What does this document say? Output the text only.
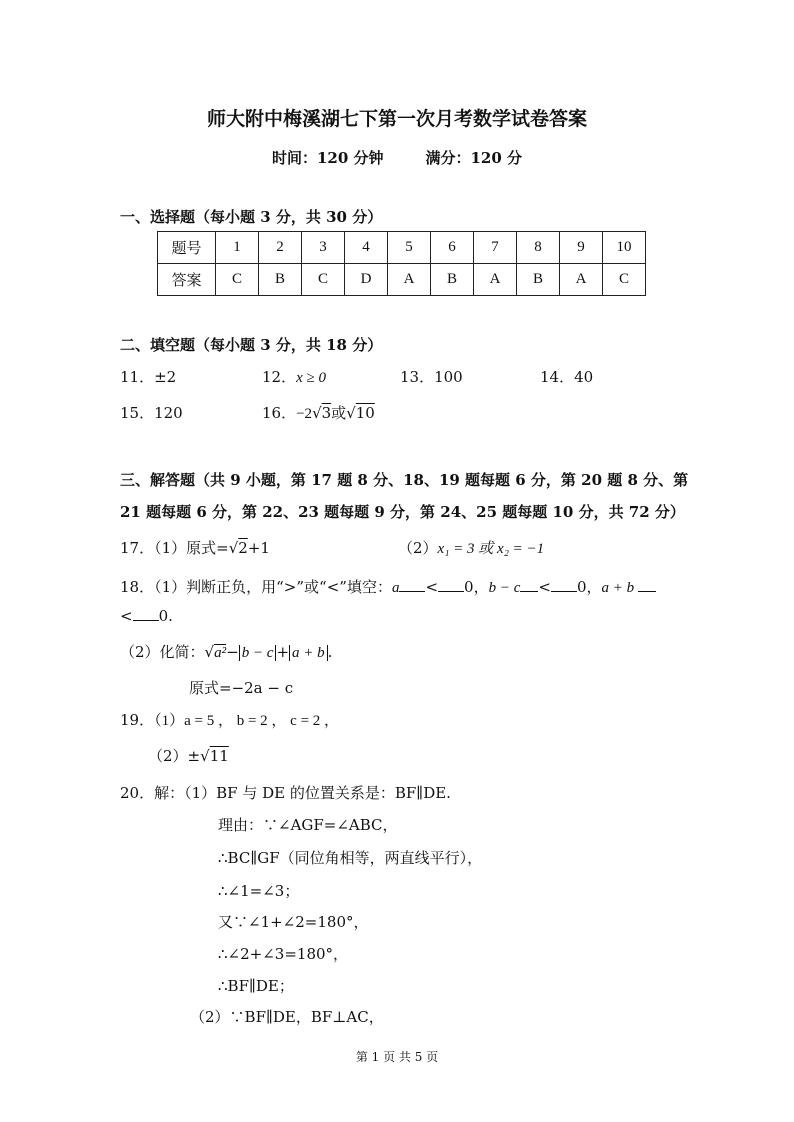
师大附中梅溪湖七下第一次月考数学试卷答案
时间：120 分钟	满分：120 分
一、选择题（每小题 3 分，共 30 分）
题号	1	2	3	4	5	6	7	8	9	10
答案	C	B	C	D	A	B	A	B	A	C
二、填空题（每小题 3 分，共 18 分）
11．±2	12．x ≥ 0	13．100	14．40
15．120	16．−2√3或√10
三、解答题（共 9 小题，第 17 题 8 分、18、19 题每题 6 分，第 20 题 8 分、第
21 题每题 6 分，第 22、23 题每题 9 分，第 24、25 题每题 10 分，共 72 分）
17．（1）原式=√2+1	（2）x₁ = 3 或 x₂ = −1
18．（1）判断正负，用“>”或“<”填空：a < 0，b − c < 0，a + b
< 0.
（2）化简：√a²− b − c + a + b .
原式=−2a − c
19．（1）a = 5 ， b = 2 ， c = 2 ，
（2）±√11
20．解：（1）BF 与 DE 的位置关系是：BF∥DE.
理由：∵∠AGF=∠ABC，
∴BC∥GF（同位角相等，两直线平行），
∴∠1=∠3；
又∵∠1+∠2=180°，
∴∠2+∠3=180°，
∴BF∥DE；
（2）∵BF∥DE，BF⊥AC，
第 1 页 共 5 页
